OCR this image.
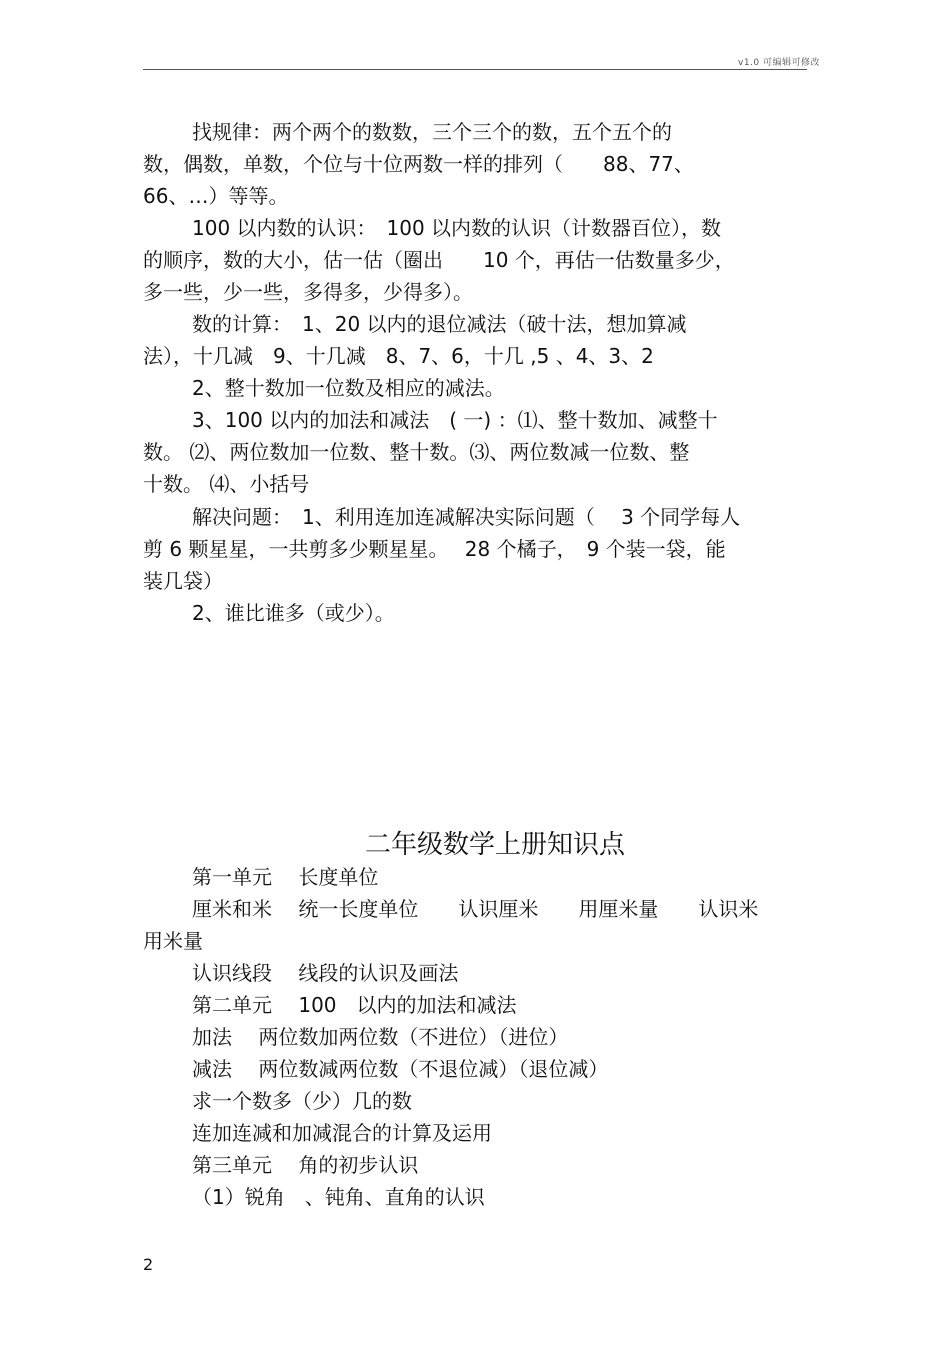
v1.0 可编辑可修改
找规律：两个两个的数数，三个三个的数，五个五个的
数，偶数，单数，个位与十位两数一样的排列（　　88、77、
66、…）等等。
100 以内数的认识：　100 以内数的认识（计数器百位），数
的顺序，数的大小，估一估（圈出　　10 个，再估一估数量多少，
多一些，少一些，多得多，少得多）。
数的计算：　1、20 以内的退位减法（破十法，想加算减
法），十几减　9、十几减　8、7、6，十几 ,5 、4、3、2
2、整十数加一位数及相应的减法。
3、100 以内的加法和减法　( 一) ：⑴、整十数加、减整十
数。 ⑵、两位数加一位数、整十数。⑶、两位数减一位数、整
十数。 ⑷、小括号
解决问题：　1、利用连加连减解决实际问题（　 3 个同学每人
剪 6 颗星星，一共剪多少颗星星。　 28 个橘子，　9 个装一袋，能
装几袋）
2、谁比谁多（或少）。
二年级数学上册知识点
第一单元　 长度单位
厘米和米　 统一长度单位　　认识厘米　　用厘米量　　认识米
用米量
认识线段　 线段的认识及画法
第二单元　 100　以内的加法和减法
加法　 两位数加两位数（不进位）（进位）
减法　 两位数减两位数（不退位减）（退位减）
求一个数多（少）几的数
连加连减和加减混合的计算及运用
第三单元　 角的初步认识
（1）锐角　、钝角、直角的认识
2
